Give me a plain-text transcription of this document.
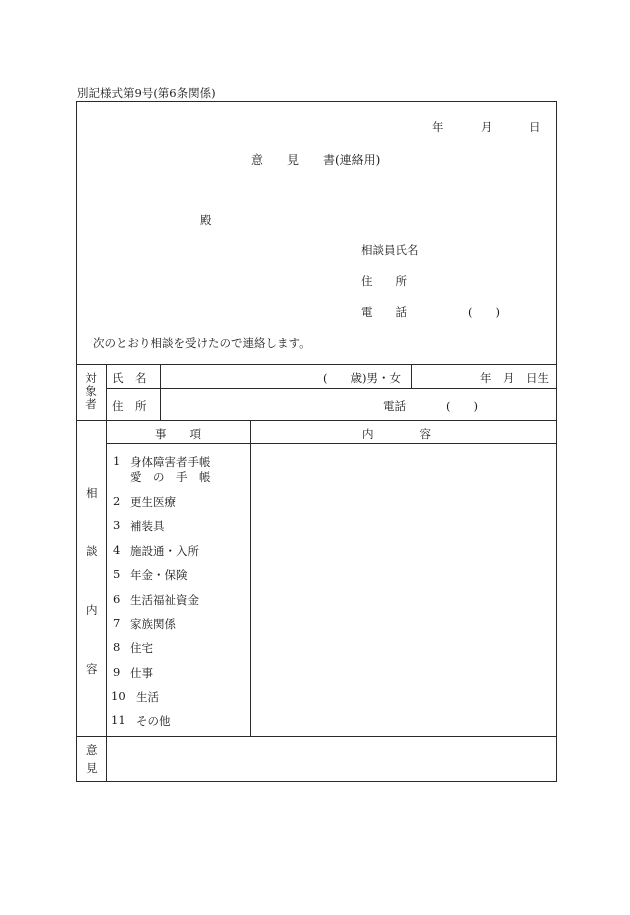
別記様式第9号(第6条関係)
年	月	日
意　　見　　書(連絡用)
殿
相談員氏名
住　　所
電　　話	(　　)
次のとおり相談を受けたので連絡します。
対
象
者
氏　名	(　　歳)男・女	年　月　日生
住　所	電話	(　　)
相
談
内
容
事　　項	内　　　　容
1 身体障害者手帳
愛　の　手　帳
2 更生医療
3 補装具
4 施設通・入所
5 年金・保険
6 生活福祉資金
7 家族関係
8 住宅
9 仕事
10 生活
11 その他
意
見
